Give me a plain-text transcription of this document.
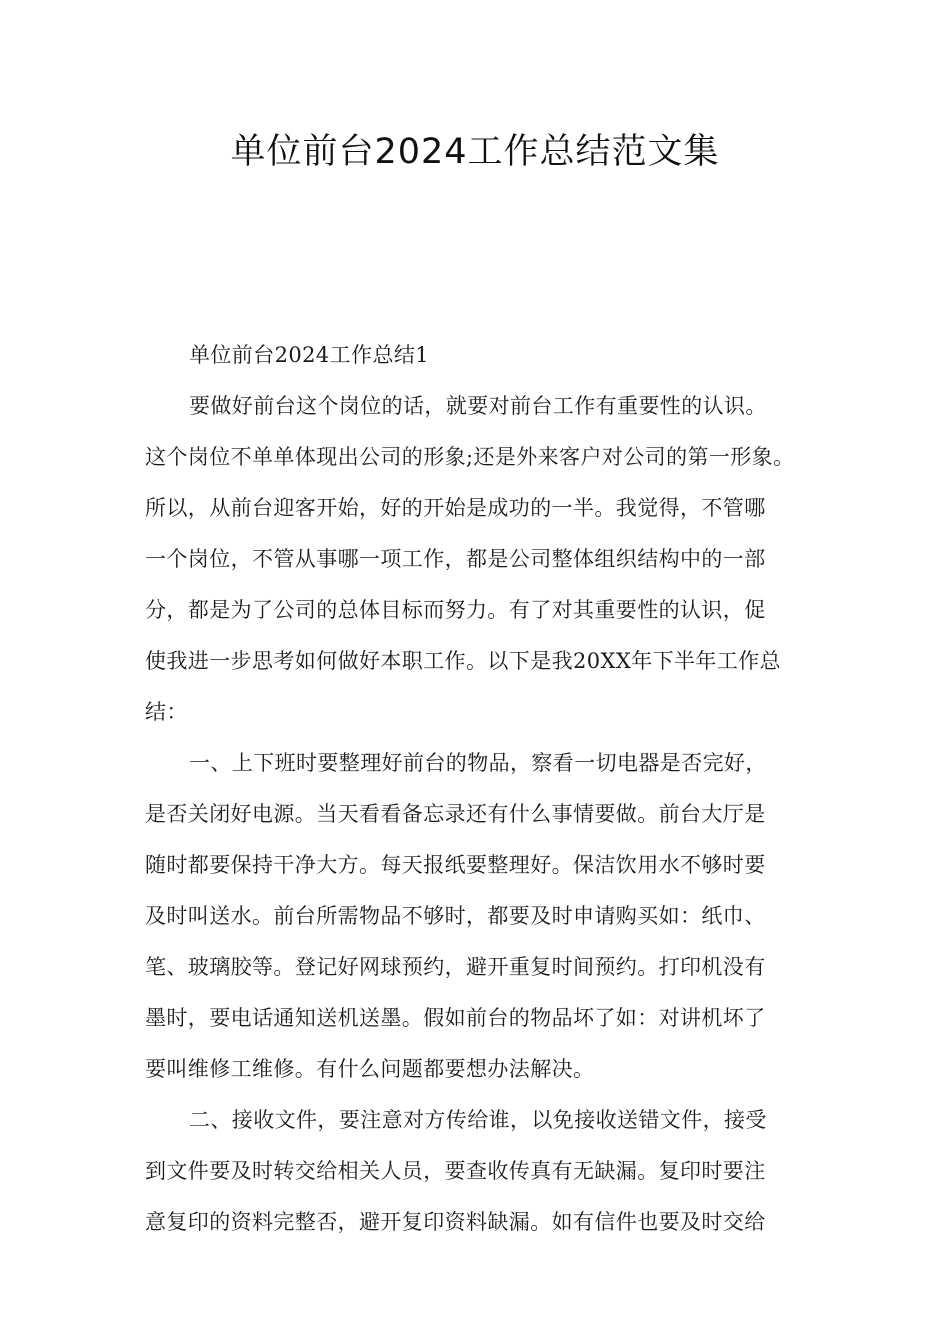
单位前台2024工作总结范文集

单位前台2024工作总结1

要做好前台这个岗位的话，就要对前台工作有重要性的认识。

这个岗位不单单体现出公司的形象;还是外来客户对公司的第一形象。

所以，从前台迎客开始，好的开始是成功的一半。我觉得，不管哪

一个岗位，不管从事哪一项工作，都是公司整体组织结构中的一部

分，都是为了公司的总体目标而努力。有了对其重要性的认识，促

使我进一步思考如何做好本职工作。以下是我20XX年下半年工作总

结：

一、上下班时要整理好前台的物品，察看一切电器是否完好，

是否关闭好电源。当天看看备忘录还有什么事情要做。前台大厅是

随时都要保持干净大方。每天报纸要整理好。保洁饮用水不够时要

及时叫送水。前台所需物品不够时，都要及时申请购买如：纸巾、

笔、玻璃胶等。登记好网球预约，避开重复时间预约。打印机没有

墨时，要电话通知送机送墨。假如前台的物品坏了如：对讲机坏了

要叫维修工维修。有什么问题都要想办法解决。

二、接收文件，要注意对方传给谁，以免接收送错文件，接受

到文件要及时转交给相关人员，要查收传真有无缺漏。复印时要注

意复印的资料完整否，避开复印资料缺漏。如有信件也要及时交给
